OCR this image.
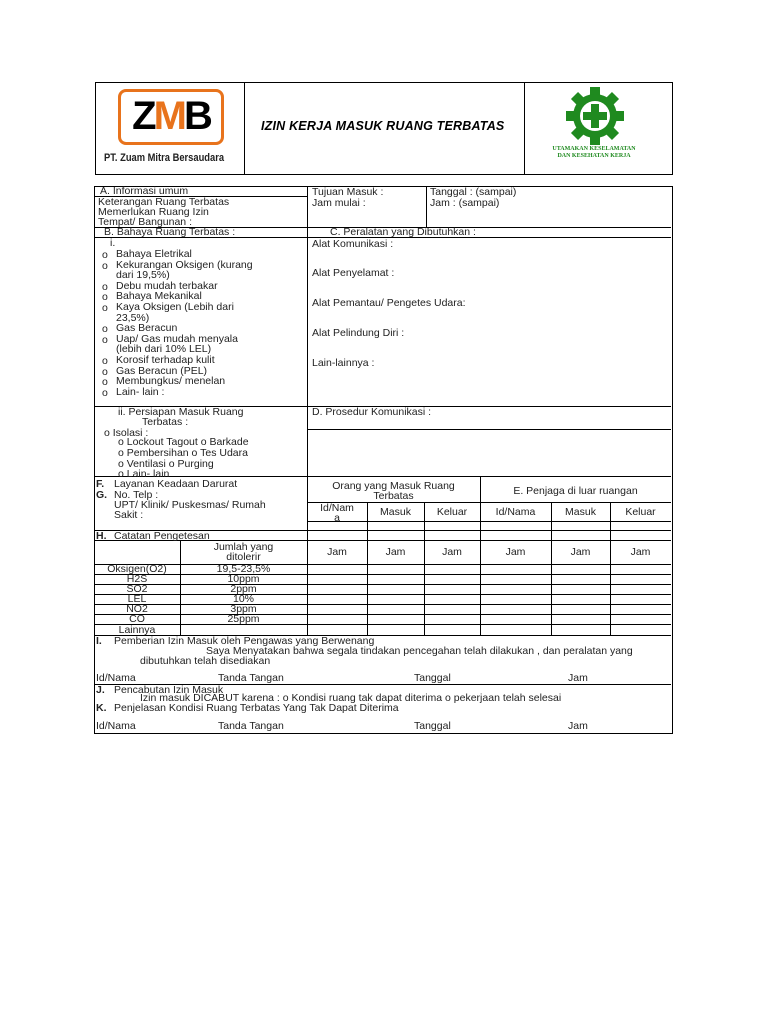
ZMB
PT. Zuam Mitra Bersaudara
IZIN KERJA MASUK RUANG TERBATAS
UTAMAKAN KESELAMATAN
DAN KESEHATAN KERJA
A. Informasi umum
Keterangan Ruang Terbatas
Memerlukan Ruang Izin
Tempat/ Bangunan :
Tujuan Masuk :
Jam mulai :
Tanggal : (sampai)
Jam : (sampai)
B. Bahaya Ruang Terbatas :
i.
o Bahaya Eletrikal
o Kekurangan Oksigen (kurang
dari 19,5%)
o Debu mudah terbakar
o Bahaya Mekanikal
o Kaya Oksigen (Lebih dari
23,5%)
o Gas Beracun
o Uap/ Gas mudah menyala
(lebih dari 10% LEL)
o Korosif terhadap kulit
o Gas Beracun (PEL)
o Membungkus/ menelan
o Lain- lain :
C. Peralatan yang Dibutuhkan :
Alat Komunikasi :
Alat Penyelamat :
Alat Pemantau/ Pengetes Udara:
Alat Pelindung Diri :
Lain-lainnya :
ii. Persiapan Masuk Ruang
Terbatas :
o Isolasi :
o Lockout Tagout o Barkade
o Pembersihan o Tes Udara
o Ventilasi o Purging
o Lain- lain
D. Prosedur Komunikasi :
F. Layanan Keadaan Darurat
G. No. Telp :
UPT/ Klinik/ Puskesmas/ Rumah
Sakit :
Orang yang Masuk Ruang
Terbatas
Id/Nam
a	Masuk	Keluar
E. Penjaga di luar ruangan
Id/Nama	Masuk	Keluar
H. Catatan Pengetesan
Jumlah yang
ditolerir	Jam	Jam	Jam	Jam	Jam	Jam
Oksigen(O2)	19,5-23,5%
H2S	10ppm
SO2	2ppm
LEL	10%
NO2	3ppm
CO	25ppm
Lainnya
I. Pemberian Izin Masuk oleh Pengawas yang Berwenang
Saya Menyatakan bahwa segala tindakan pencegahan telah dilakukan , dan peralatan yang
dibutuhkan telah disediakan
Id/Nama	Tanda Tangan	Tanggal	Jam
J. Pencabutan Izin Masuk
Izin masuk DICABUT karena : o Kondisi ruang tak dapat diterima o pekerjaan telah selesai
K. Penjelasan Kondisi Ruang Terbatas Yang Tak Dapat Diterima
Id/Nama	Tanda Tangan	Tanggal	Jam
